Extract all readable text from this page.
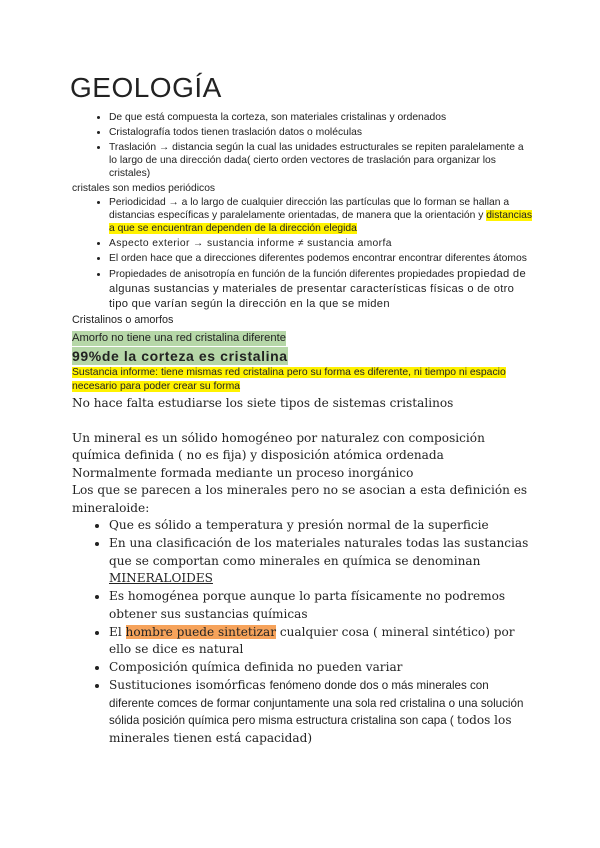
GEOLOGÍA
• De que está compuesta la corteza, son materiales cristalinas y ordenados
• Cristalografía todos tienen traslación datos o moléculas
• Traslación → distancia según la cual las unidades estructurales se repiten paralelamente a lo largo de una dirección dada( cierto orden vectores de traslación para organizar los cristales)

cristales son medios periódicos

• Periodicidad → a lo largo de cualquier dirección las partículas que lo forman se hallan a distancias específicas y paralelamente orientadas, de manera que la orientación y distancias a que se encuentran dependen de la dirección elegida
• Aspecto exterior → sustancia informe ≠ sustancia amorfa
• El orden hace que a direcciones diferentes podemos encontrar encontrar diferentes átomos
• Propiedades de anisotropía en función de la función diferentes propiedades propiedad de algunas sustancias y materiales de presentar características físicas o de otro tipo que varían según la dirección en la que se miden

Cristalinos o amorfos

Amorfo no tiene una red cristalina diferente

99%de la corteza es cristalina

Sustancia informe: tiene mismas red cristalina pero su forma es diferente, ni tiempo ni espacio necesario para poder crear su forma

No hace falta estudiarse los siete tipos de sistemas cristalinos

Un mineral es un sólido homogéneo por naturalez con composición química definida ( no es fija) y disposición atómica ordenada

Normalmente formada mediante un proceso inorgánico

Los que se parecen a los minerales pero no se asocian a esta definición es mineraloide:

• Que es sólido a temperatura y presión normal de la superficie
• En una clasificación de los materiales naturales todas las sustancias que se comportan como minerales en química se denominan MINERALOIDES
• Es homogénea porque aunque lo parta físicamente no podremos obtener sus sustancias químicas
• El hombre puede sintetizar cualquier cosa ( mineral sintético) por ello se dice es natural
• Composición química definida no pueden variar
• Sustituciones isomórficas fenómeno donde dos o más minerales con diferente comces de formar conjuntamente una sola red cristalina o una solución sólida posición química pero misma estructura cristalina son capa ( todos los minerales tienen está capacidad)
